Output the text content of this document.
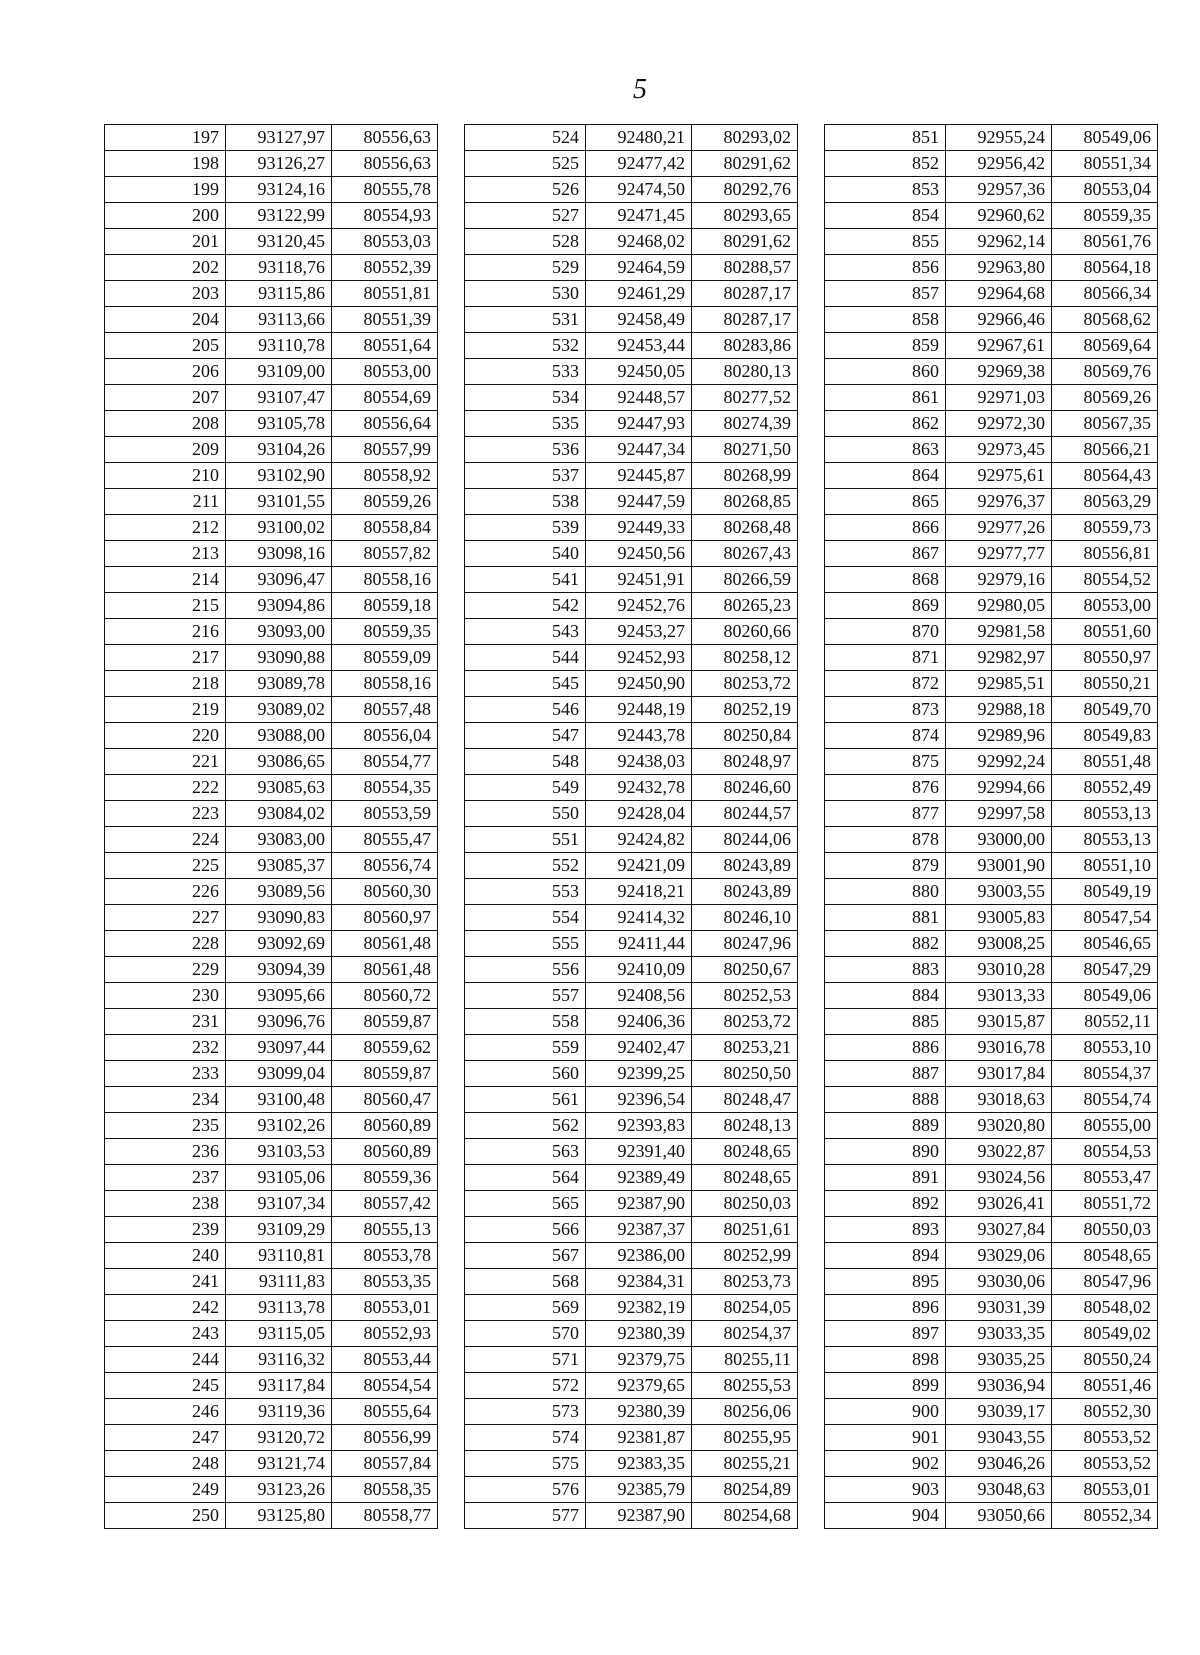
5
197	93127,97	80556,63
198	93126,27	80556,63
199	93124,16	80555,78
200	93122,99	80554,93
201	93120,45	80553,03
202	93118,76	80552,39
203	93115,86	80551,81
204	93113,66	80551,39
205	93110,78	80551,64
206	93109,00	80553,00
207	93107,47	80554,69
208	93105,78	80556,64
209	93104,26	80557,99
210	93102,90	80558,92
211	93101,55	80559,26
212	93100,02	80558,84
213	93098,16	80557,82
214	93096,47	80558,16
215	93094,86	80559,18
216	93093,00	80559,35
217	93090,88	80559,09
218	93089,78	80558,16
219	93089,02	80557,48
220	93088,00	80556,04
221	93086,65	80554,77
222	93085,63	80554,35
223	93084,02	80553,59
224	93083,00	80555,47
225	93085,37	80556,74
226	93089,56	80560,30
227	93090,83	80560,97
228	93092,69	80561,48
229	93094,39	80561,48
230	93095,66	80560,72
231	93096,76	80559,87
232	93097,44	80559,62
233	93099,04	80559,87
234	93100,48	80560,47
235	93102,26	80560,89
236	93103,53	80560,89
237	93105,06	80559,36
238	93107,34	80557,42
239	93109,29	80555,13
240	93110,81	80553,78
241	93111,83	80553,35
242	93113,78	80553,01
243	93115,05	80552,93
244	93116,32	80553,44
245	93117,84	80554,54
246	93119,36	80555,64
247	93120,72	80556,99
248	93121,74	80557,84
249	93123,26	80558,35
250	93125,80	80558,77
524	92480,21	80293,02
525	92477,42	80291,62
526	92474,50	80292,76
527	92471,45	80293,65
528	92468,02	80291,62
529	92464,59	80288,57
530	92461,29	80287,17
531	92458,49	80287,17
532	92453,44	80283,86
533	92450,05	80280,13
534	92448,57	80277,52
535	92447,93	80274,39
536	92447,34	80271,50
537	92445,87	80268,99
538	92447,59	80268,85
539	92449,33	80268,48
540	92450,56	80267,43
541	92451,91	80266,59
542	92452,76	80265,23
543	92453,27	80260,66
544	92452,93	80258,12
545	92450,90	80253,72
546	92448,19	80252,19
547	92443,78	80250,84
548	92438,03	80248,97
549	92432,78	80246,60
550	92428,04	80244,57
551	92424,82	80244,06
552	92421,09	80243,89
553	92418,21	80243,89
554	92414,32	80246,10
555	92411,44	80247,96
556	92410,09	80250,67
557	92408,56	80252,53
558	92406,36	80253,72
559	92402,47	80253,21
560	92399,25	80250,50
561	92396,54	80248,47
562	92393,83	80248,13
563	92391,40	80248,65
564	92389,49	80248,65
565	92387,90	80250,03
566	92387,37	80251,61
567	92386,00	80252,99
568	92384,31	80253,73
569	92382,19	80254,05
570	92380,39	80254,37
571	92379,75	80255,11
572	92379,65	80255,53
573	92380,39	80256,06
574	92381,87	80255,95
575	92383,35	80255,21
576	92385,79	80254,89
577	92387,90	80254,68
851	92955,24	80549,06
852	92956,42	80551,34
853	92957,36	80553,04
854	92960,62	80559,35
855	92962,14	80561,76
856	92963,80	80564,18
857	92964,68	80566,34
858	92966,46	80568,62
859	92967,61	80569,64
860	92969,38	80569,76
861	92971,03	80569,26
862	92972,30	80567,35
863	92973,45	80566,21
864	92975,61	80564,43
865	92976,37	80563,29
866	92977,26	80559,73
867	92977,77	80556,81
868	92979,16	80554,52
869	92980,05	80553,00
870	92981,58	80551,60
871	92982,97	80550,97
872	92985,51	80550,21
873	92988,18	80549,70
874	92989,96	80549,83
875	92992,24	80551,48
876	92994,66	80552,49
877	92997,58	80553,13
878	93000,00	80553,13
879	93001,90	80551,10
880	93003,55	80549,19
881	93005,83	80547,54
882	93008,25	80546,65
883	93010,28	80547,29
884	93013,33	80549,06
885	93015,87	80552,11
886	93016,78	80553,10
887	93017,84	80554,37
888	93018,63	80554,74
889	93020,80	80555,00
890	93022,87	80554,53
891	93024,56	80553,47
892	93026,41	80551,72
893	93027,84	80550,03
894	93029,06	80548,65
895	93030,06	80547,96
896	93031,39	80548,02
897	93033,35	80549,02
898	93035,25	80550,24
899	93036,94	80551,46
900	93039,17	80552,30
901	93043,55	80553,52
902	93046,26	80553,52
903	93048,63	80553,01
904	93050,66	80552,34
